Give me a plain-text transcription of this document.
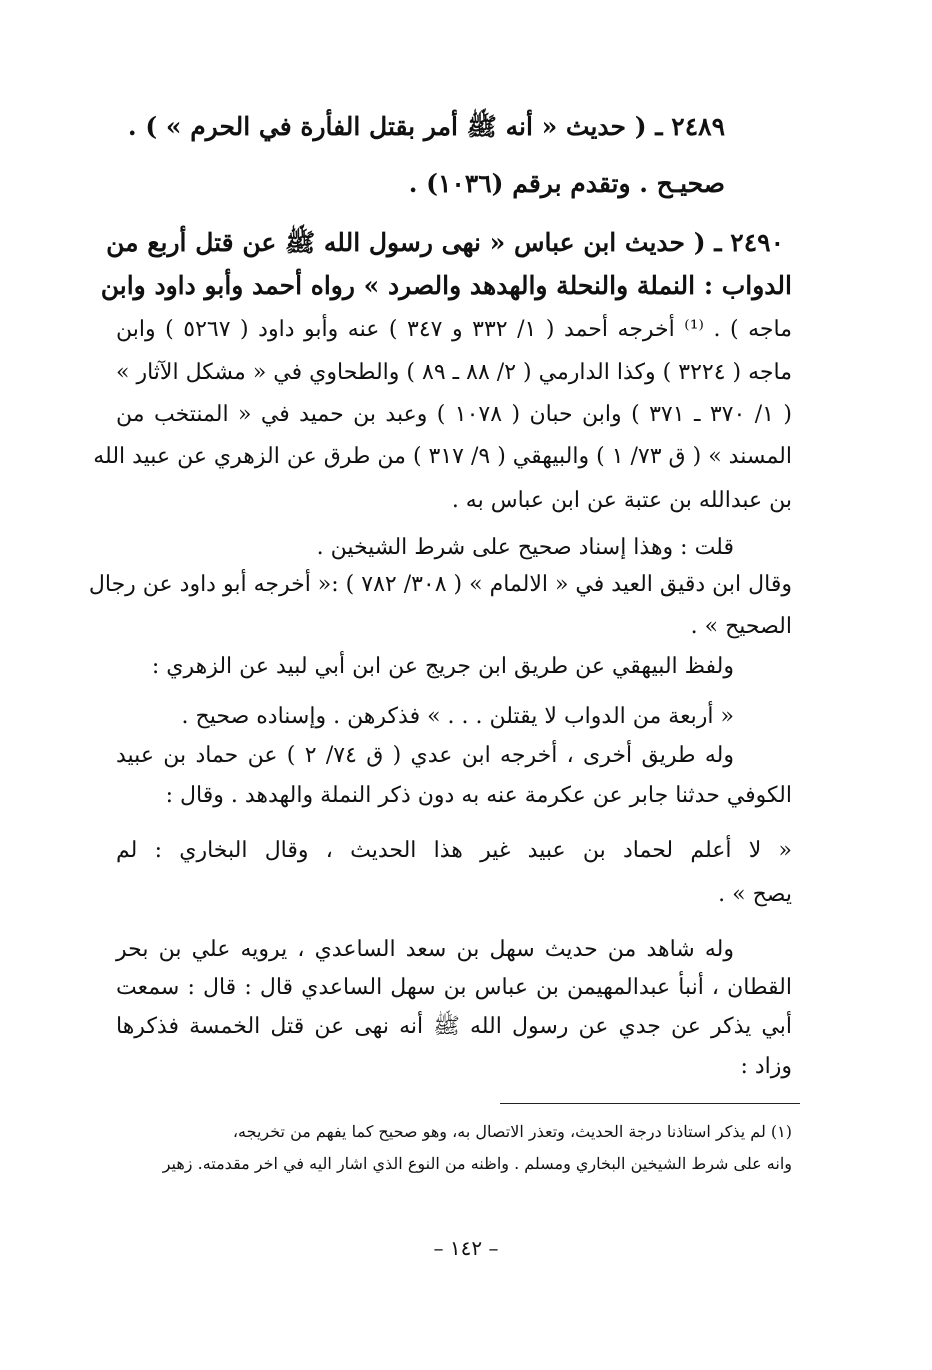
٢٤٨٩ ـ ( حديث « أنه ﷺ أمر بقتل الفأرة في الحرم » ) .
صحيـح . وتقدم برقم (١٠٣٦) .
٢٤٩٠ ـ ( حديث ابن عباس « نهى رسول الله ﷺ عن قتل أربع من
الدواب : النملة والنحلة والهدهد والصرد » رواه أحمد وأبو داود وابن
ماجه ) . ⁽¹⁾ أخرجه أحمد ( ١/ ٣٣٢ و ٣٤٧ ) عنه وأبو داود ( ٥٢٦٧ ) وابن
ماجه ( ٣٢٢٤ ) وكذا الدارمي ( ٢/ ٨٨ ـ ٨٩ ) والطحاوي في « مشكل الآثار »
( ١/ ٣٧٠ ـ ٣٧١ ) وابن حبان ( ١٠٧٨ ) وعبد بن حميد في « المنتخب من
المسند » ( ق ٧٣/ ١ ) والبيهقي ( ٩/ ٣١٧ ) من طرق عن الزهري عن عبيد الله
بن عبدالله بن عتبة عن ابن عباس به .
قلت : وهذا إسناد صحيح على شرط الشيخين .
وقال ابن دقيق العيد في « الالمام » ( ٣٠٨/ ٧٨٢ ) :« أخرجه أبو داود عن رجال
الصحيح » .
ولفظ البيهقي عن طريق ابن جريج عن ابن أبي لبيد عن الزهري :
« أربعة من الدواب لا يقتلن . . . » فذكرهن . وإسناده صحيح .
وله طريق أخرى ، أخرجه ابن عدي ( ق ٧٤/ ٢ ) عن حماد بن عبيد
الكوفي حدثنا جابر عن عكرمة عنه به دون ذكر النملة والهدهد . وقال :
« لا أعلم لحماد بن عبيد غير هذا الحديث ، وقال البخاري : لم
يصح » .
وله شاهد من حديث سهل بن سعد الساعدي ، يرويه علي بن بحر
القطان ، أنبأ عبدالمهيمن بن عباس بن سهل الساعدي قال : قال : سمعت
أبي يذكر عن جدي عن رسول الله ﷺ أنه نهى عن قتل الخمسة فذكرها
وزاد :
(١) لم يذكر استاذنا درجة الحديث، وتعذر الاتصال به، وهو صحيح كما يفهم من تخريجه،
وانه على شرط الشيخين البخاري ومسلم . واظنه من النوع الذي اشار اليه في اخر مقدمته. زهير
– ١٤٢ –
